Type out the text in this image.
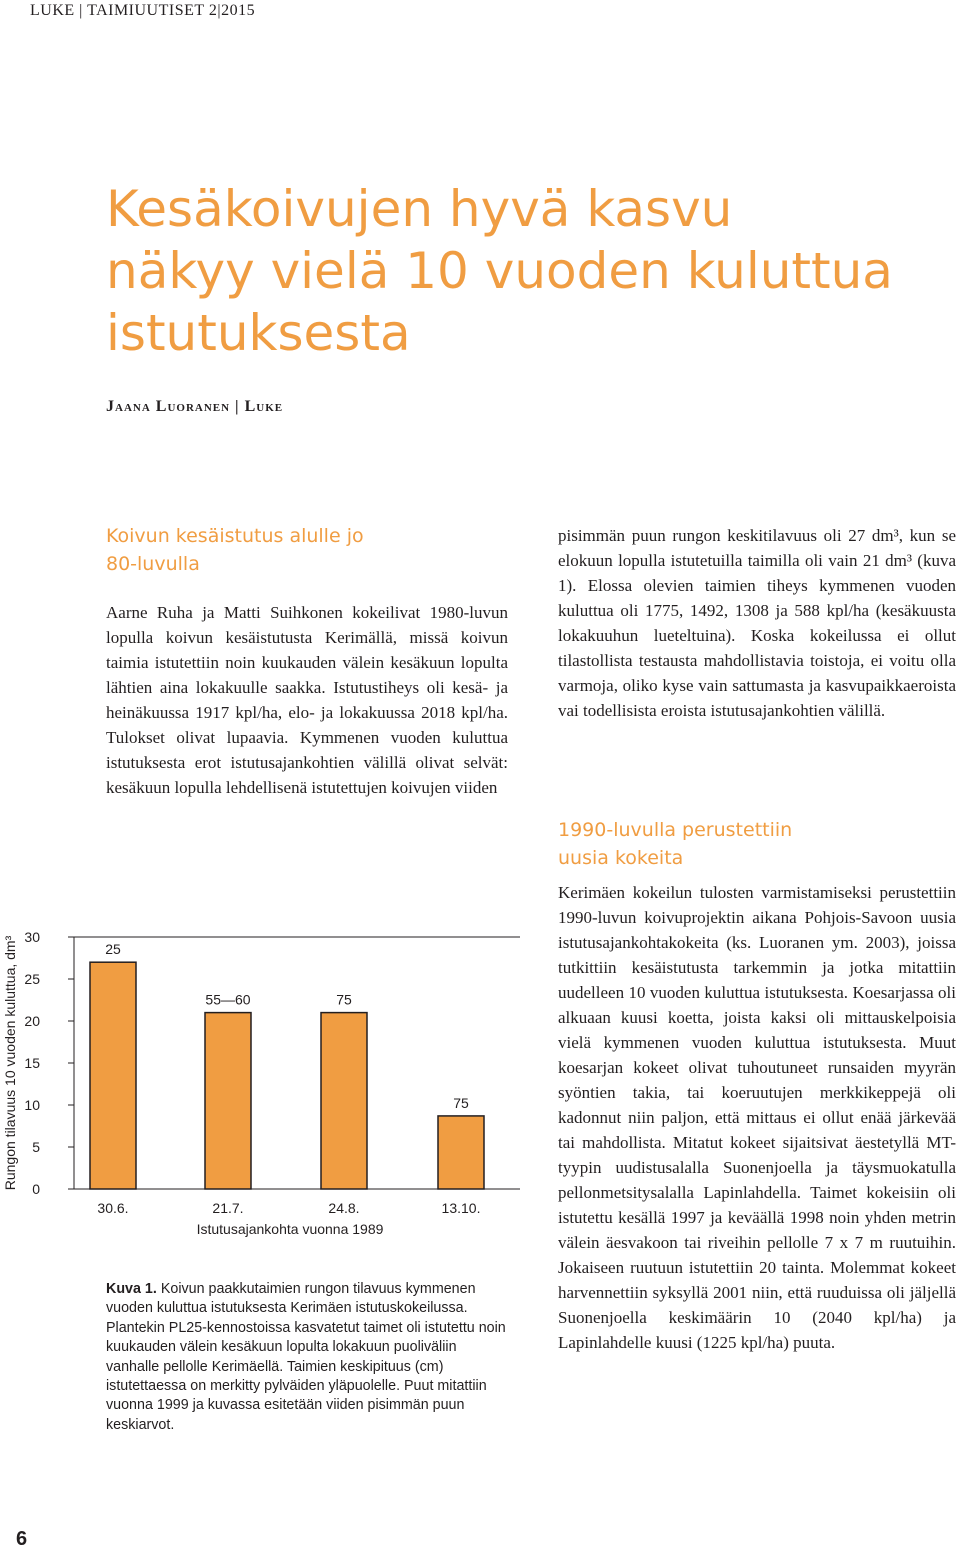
LUKE | TAIMIUUTISET 2|2015
Kesäkoivujen hyvä kasvu
näkyy vielä 10 vuoden kuluttua
istutuksesta
Jaana Luoranen | Luke
Koivun kesäistutus alulle jo
80-luvulla

Aarne Ruha ja Matti Suihkonen kokeilivat 1980-luvun lopulla koivun kesäistutusta Kerimällä, missä koivun taimia istutettiin noin kuukauden välein kesäkuun lopulta lähtien aina lokakuulle saakka. Istutustiheys oli kesä- ja heinäkuussa 1917 kpl/ha, elo- ja lokakuussa 2018 kpl/ha. Tulokset olivat lupaavia. Kymmenen vuoden kuluttua istutuksesta erot istutusajankohtien välillä olivat selvät: kesäkuun lopulla lehdellisenä istutettujen koivujen viiden

pisimmän puun rungon keskitilavuus oli 27 dm³, kun se elokuun lopulla istutetuilla taimilla oli vain 21 dm³ (kuva 1). Elossa olevien taimien tiheys kymmenen vuoden kuluttua oli 1775, 1492, 1308 ja 588 kpl/ha (kesäkuusta lokakuuhun lueteltuina). Koska kokeilussa ei ollut tilastollista testausta mahdollistavia toistoja, ei voitu olla varmoja, oliko kyse vain sattumasta ja kasvupaikkaeroista vai todellisista eroista istutusajankohtien välillä.

1990-luvulla perustettiin
uusia kokeita

Kerimäen kokeilun tulosten varmistamiseksi perustettiin 1990-luvun koivuprojektin aikana Pohjois-Savoon uusia istutusajankohtakokeita (ks. Luoranen ym. 2003), joissa tutkittiin kesäistutusta tarkemmin ja jotka mitattiin uudelleen 10 vuoden kuluttua istutuksesta. Koesarjassa oli alkuaan kuusi koetta, joista kaksi oli mittauskelpoisia vielä kymmenen vuoden kuluttua istutuksesta. Muut koesarjan kokeet olivat tuhoutuneet runsaiden myyrän syöntien takia, tai koeruutujen merkkikeppejä oli kadonnut niin paljon, että mittaus ei ollut enää järkevää tai mahdollista. Mitatut kokeet sijaitsivat äestetyllä MT-tyypin uudistusalalla Suonenjoella ja täysmuokatulla pellonmetsitysalalla Lapinlahdella. Taimet kokeisiin oli istutettu kesällä 1997 ja keväällä 1998 noin yhden metrin välein äesvakoon tai riveihin pellolle 7 x 7 m ruutuihin. Jokaiseen ruutuun istutettiin 20 tainta. Molemmat kokeet harvennettiin syksyllä 2001 niin, että ruuduissa oli jäljellä Suonenjoella keskimäärin 10 (2040 kpl/ha) ja Lapinlahdelle kuusi (1225 kpl/ha) puuta.

0
5
10
15
20
25
30
Rungon tilavuus 10 vuoden kuluttua, dm³	25
30.6.
55—60
21.7.
75
24.8.
75
13.10.
Istutusajankohta vuonna 1989
Kuva 1. Koivun paakkutaimien rungon tilavuus kymmenen vuoden kuluttua istutuksesta Kerimäen istutuskokeilussa. Plantekin PL25-kennostoissa kasvatetut taimet oli istutettu noin kuukauden välein kesäkuun lopulta lokakuun puoliväliin vanhalle pellolle Kerimäellä. Taimien keskipituus (cm) istutettaessa on merkitty pylväiden yläpuolelle. Puut mitattiin vuonna 1999 ja kuvassa esitetään viiden pisimmän puun keskiarvot.
6
